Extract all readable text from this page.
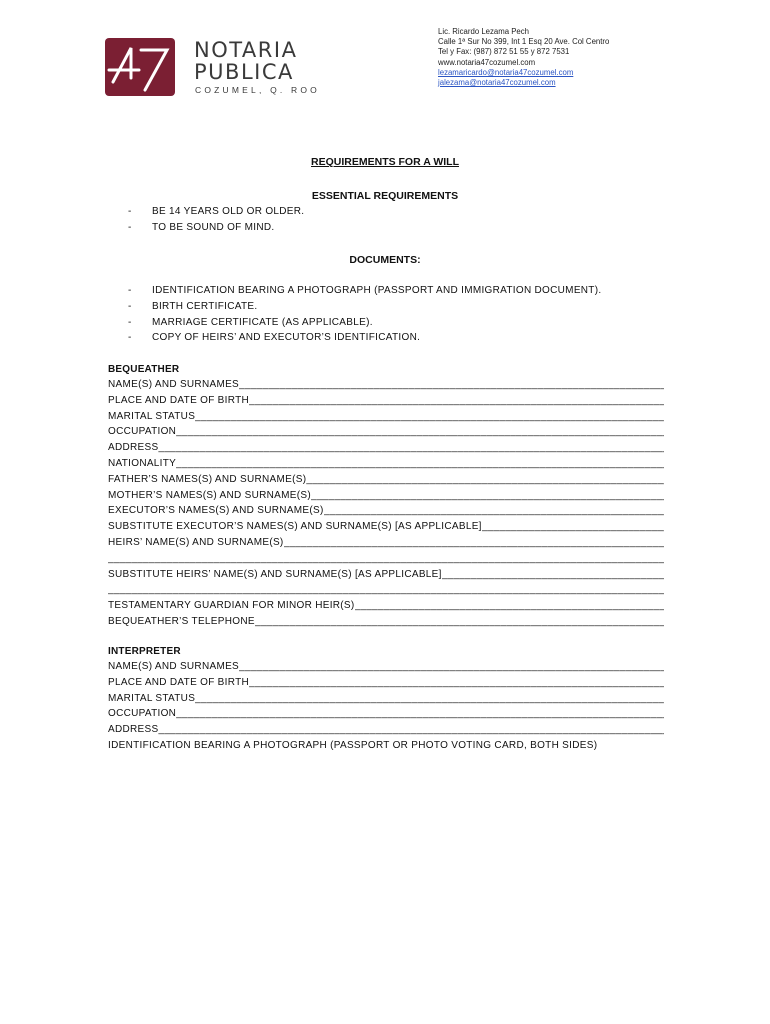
NOTARIA
PUBLICA
COZUMEL, Q. ROO
Lic. Ricardo Lezama Pech
Calle 1ª Sur No 399, Int 1 Esq 20 Ave. Col Centro
Tel y Fax: (987) 872 51 55 y 872 7531
www.notaria47cozumel.com
lezamaricardo@notaria47cozumel.com
jalezama@notaria47cozumel.com
REQUIREMENTS FOR A WILL
ESSENTIAL REQUIREMENTS
- BE 14 YEARS OLD OR OLDER.
- TO BE SOUND OF MIND.
DOCUMENTS:
- IDENTIFICATION BEARING A PHOTOGRAPH (PASSPORT AND IMMIGRATION DOCUMENT).
- BIRTH CERTIFICATE.
- MARRIAGE CERTIFICATE (AS APPLICABLE).
- COPY OF HEIRS’ AND EXECUTOR’S IDENTIFICATION.
BEQUEATHER
NAME(S) AND SURNAMES
_____
PLACE AND DATE OF BIRTH
_____
MARITAL STATUS
_____
OCCUPATION
_____
ADDRESS
_____
NATIONALITY
_____
FATHER’S NAMES(S) AND SURNAME(S)
_____
MOTHER’S NAMES(S) AND SURNAME(S)
_____
EXECUTOR’S NAMES(S) AND SURNAME(S)
_____
SUBSTITUTE EXECUTOR’S NAMES(S) AND SURNAME(S) [AS APPLICABLE]
_____
HEIRS’ NAME(S) AND SURNAME(S)
_____
_____
SUBSTITUTE HEIRS’ NAME(S) AND SURNAME(S) [AS APPLICABLE]
_____
_____
TESTAMENTARY GUARDIAN FOR MINOR HEIR(S)
_____
BEQUEATHER’S TELEPHONE
_____
INTERPRETER
NAME(S) AND SURNAMES
_____
PLACE AND DATE OF BIRTH
_____
MARITAL STATUS
_____
OCCUPATION
_____
ADDRESS
_____
IDENTIFICATION BEARING A PHOTOGRAPH (PASSPORT OR PHOTO VOTING CARD, BOTH SIDES)
